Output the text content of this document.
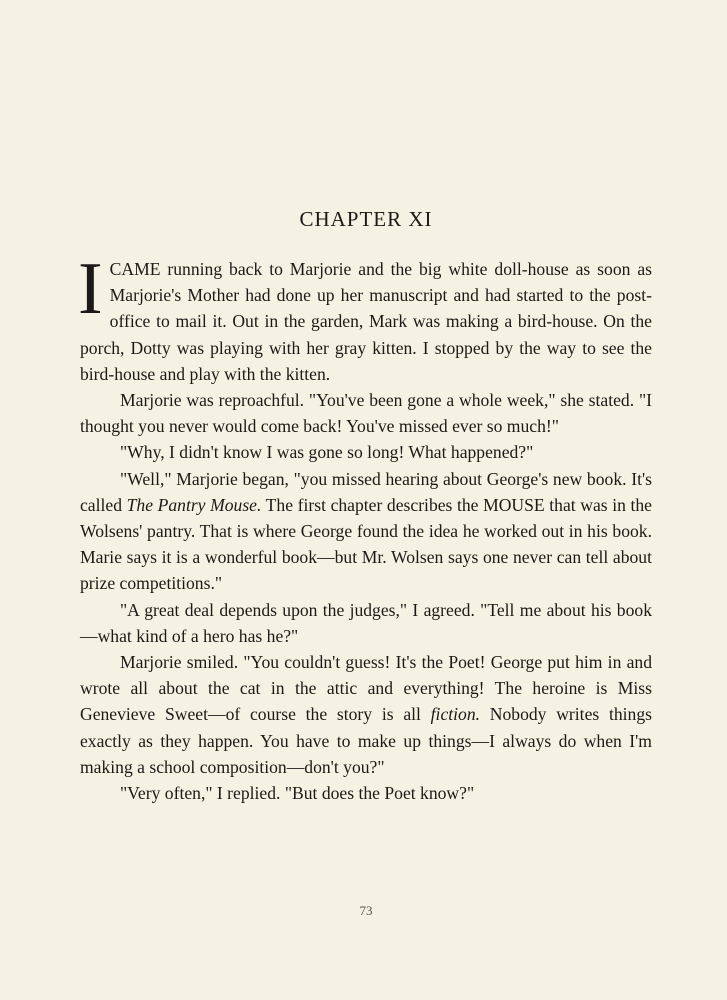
CHAPTER XI

ICAME running back to Marjorie and the big white doll-house as soon as Marjorie's Mother had done up her manuscript and had started to the post-office to mail it. Out in the garden, Mark was making a bird-house. On the porch, Dotty was playing with her gray kitten. I stopped by the way to see the bird-house and play with the kitten.

Marjorie was reproachful. "You've been gone a whole week," she stated. "I thought you never would come back! You've missed ever so much!"

"Why, I didn't know I was gone so long! What happened?"

"Well," Marjorie began, "you missed hearing about George's new book. It's called The Pantry Mouse. The first chapter describes the MOUSE that was in the Wolsens' pantry. That is where George found the idea he worked out in his book. Marie says it is a wonderful book—but Mr. Wolsen says one never can tell about prize competitions."

"A great deal depends upon the judges," I agreed. "Tell me about his book—what kind of a hero has he?"

Marjorie smiled. "You couldn't guess! It's the Poet! George put him in and wrote all about the cat in the attic and everything! The heroine is Miss Genevieve Sweet—of course the story is all fiction. Nobody writes things exactly as they happen. You have to make up things—I always do when I'm making a school composition—don't you?"

"Very often," I replied. "But does the Poet know?"

73
